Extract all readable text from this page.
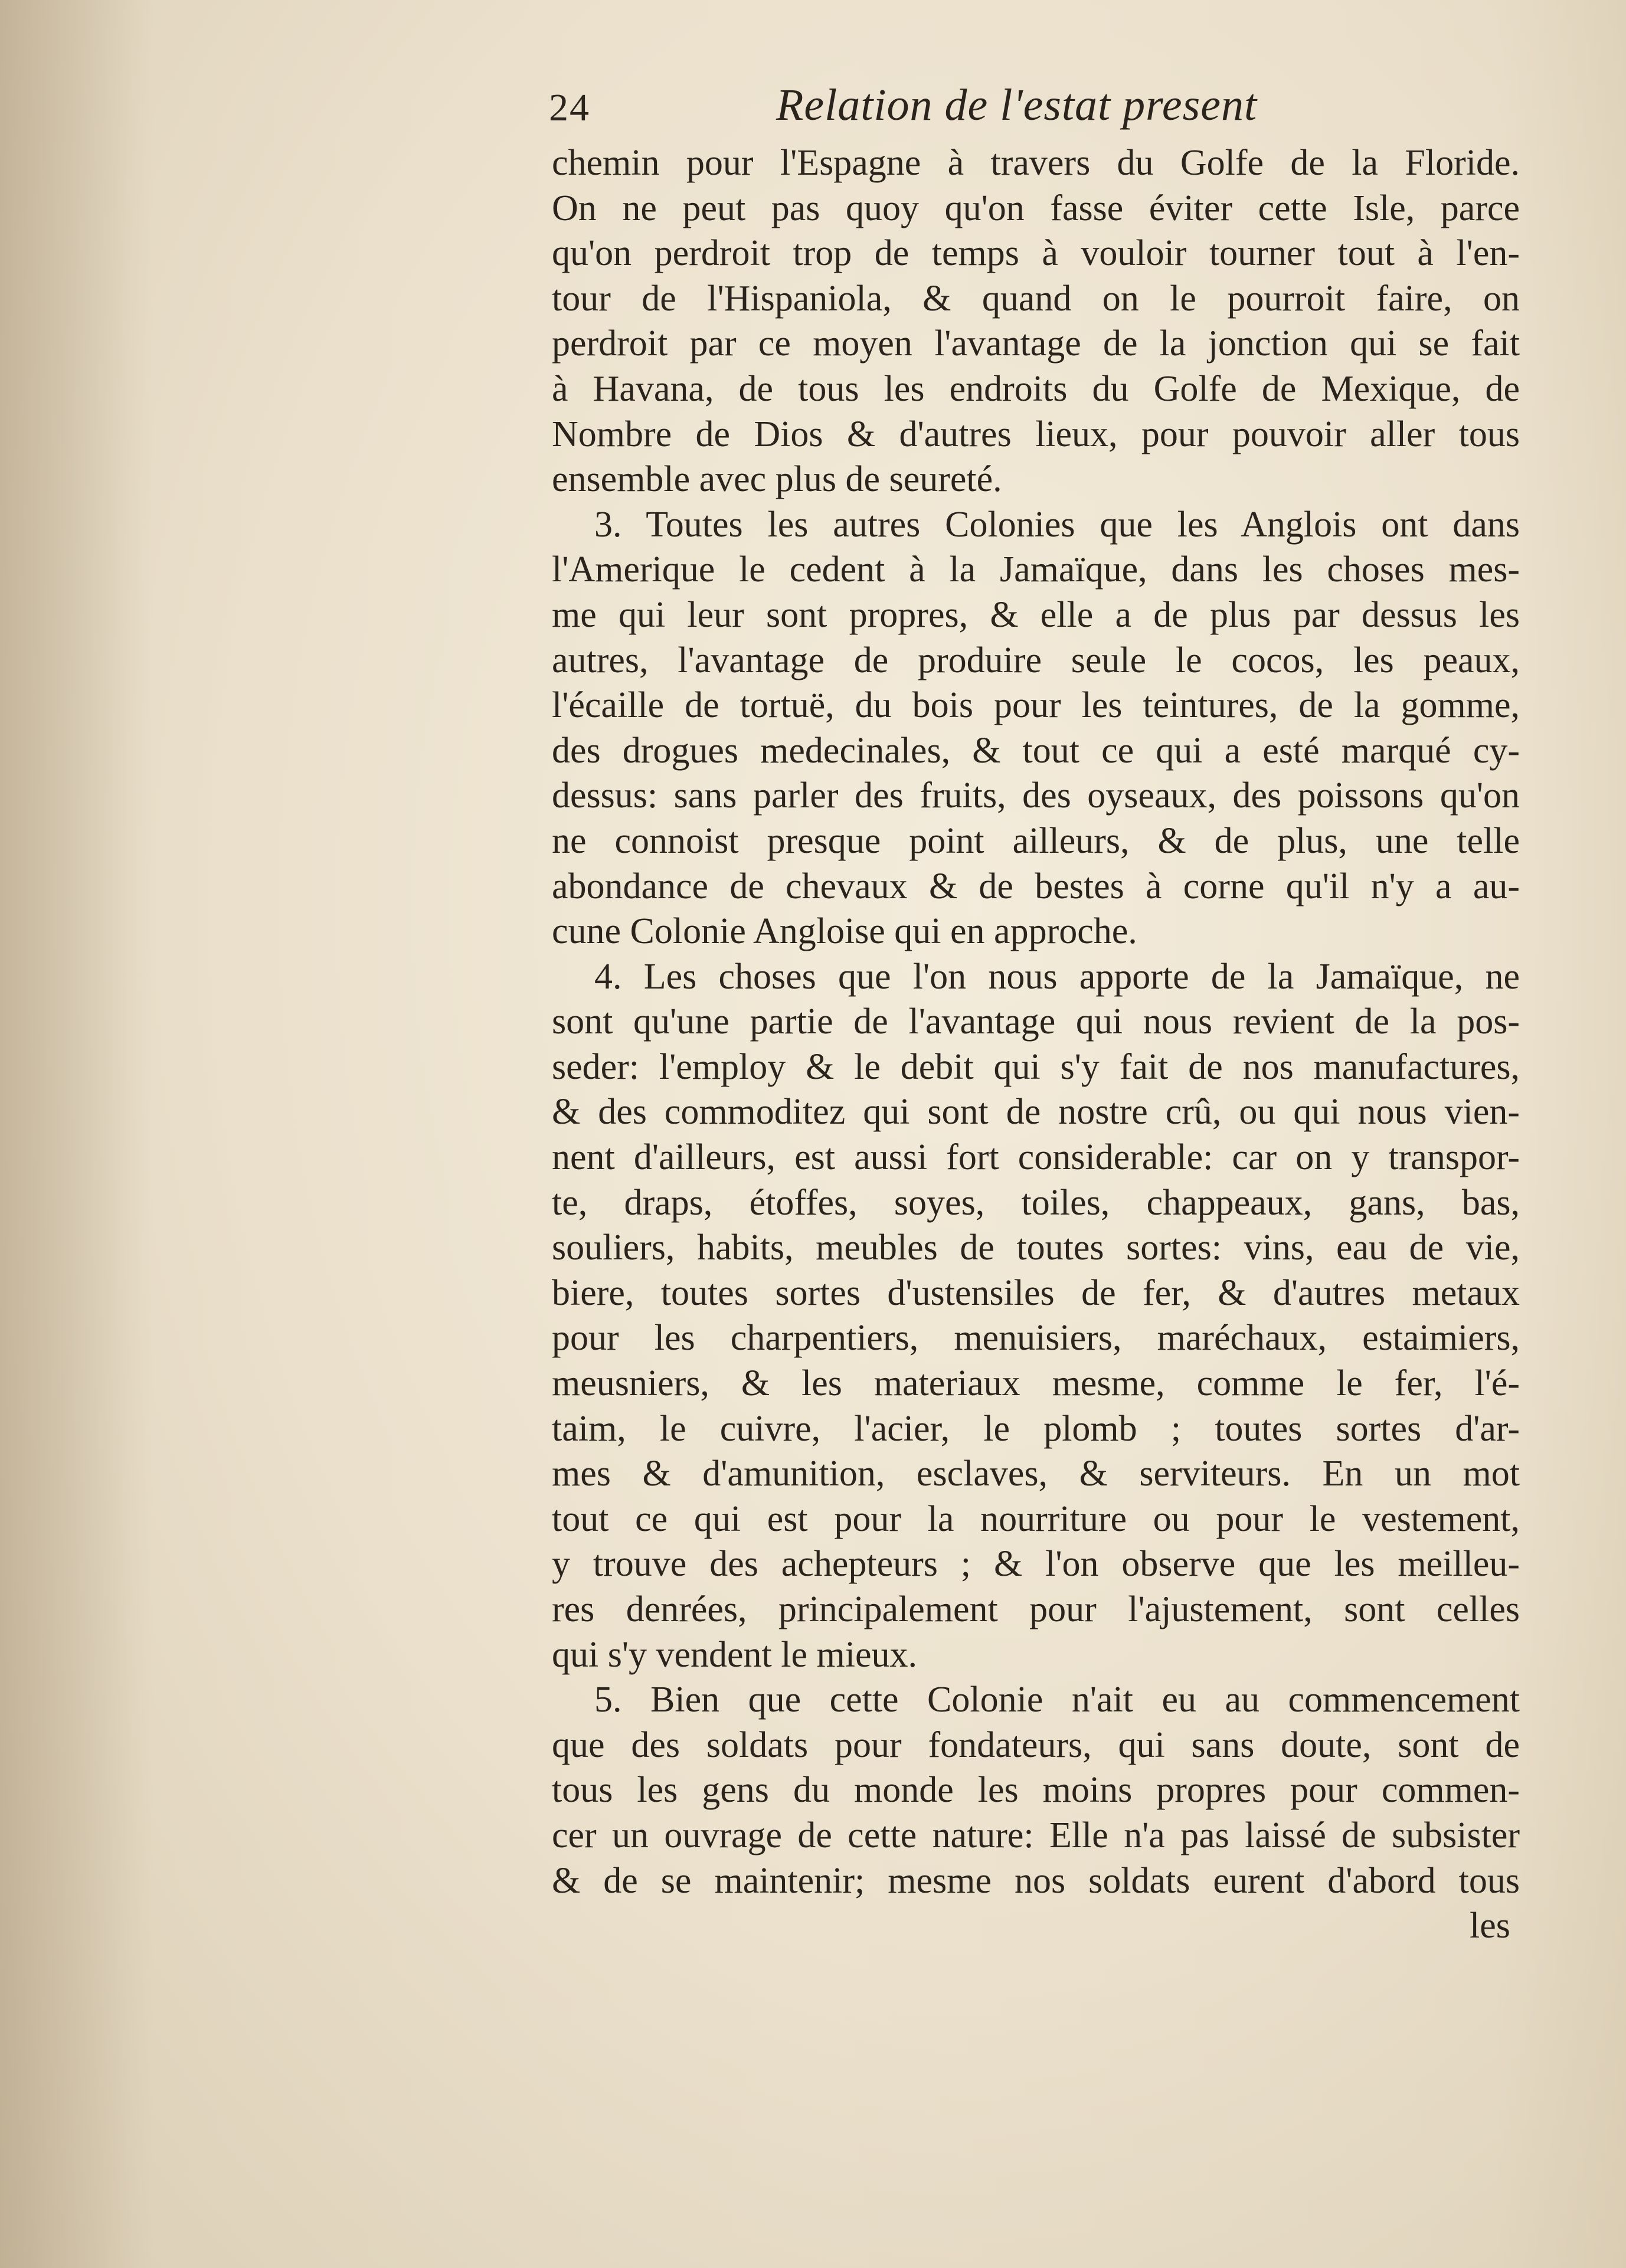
24	Relation de l'estat present
chemin pour l'Espagne à travers du Golfe de la Floride.
On ne peut pas quoy qu'on fasse éviter cette Isle, parce
qu'on perdroit trop de temps à vouloir tourner tout à l'en-
tour de l'Hispaniola, & quand on le pourroit faire, on
perdroit par ce moyen l'avantage de la jonction qui se fait
à Havana, de tous les endroits du Golfe de Mexique, de
Nombre de Dios & d'autres lieux, pour pouvoir aller tous
ensemble avec plus de seureté.
3. Toutes les autres Colonies que les Anglois ont dans
l'Amerique le cedent à la Jamaïque, dans les choses mes-
me qui leur sont propres, & elle a de plus par dessus les
autres, l'avantage de produire seule le cocos, les peaux,
l'écaille de tortuë, du bois pour les teintures, de la gomme,
des drogues medecinales, & tout ce qui a esté marqué cy-
dessus: sans parler des fruits, des oyseaux, des poissons qu'on
ne connoist presque point ailleurs, & de plus, une telle
abondance de chevaux & de bestes à corne qu'il n'y a au-
cune Colonie Angloise qui en approche.
4. Les choses que l'on nous apporte de la Jamaïque, ne
sont qu'une partie de l'avantage qui nous revient de la pos-
seder: l'employ & le debit qui s'y fait de nos manufactures,
& des commoditez qui sont de nostre crû, ou qui nous vien-
nent d'ailleurs, est aussi fort considerable: car on y transpor-
te, draps, étoffes, soyes, toiles, chappeaux, gans, bas,
souliers, habits, meubles de toutes sortes: vins, eau de vie,
biere, toutes sortes d'ustensiles de fer, & d'autres metaux
pour les charpentiers, menuisiers, maréchaux, estaimiers,
meusniers, & les materiaux mesme, comme le fer, l'é-
taim, le cuivre, l'acier, le plomb ; toutes sortes d'ar-
mes & d'amunition, esclaves, & serviteurs. En un mot
tout ce qui est pour la nourriture ou pour le vestement,
y trouve des achepteurs ; & l'on observe que les meilleu-
res denrées, principalement pour l'ajustement, sont celles
qui s'y vendent le mieux.
5. Bien que cette Colonie n'ait eu au commencement
que des soldats pour fondateurs, qui sans doute, sont de
tous les gens du monde les moins propres pour commen-
cer un ouvrage de cette nature: Elle n'a pas laissé de subsister
& de se maintenir; mesme nos soldats eurent d'abord tous
les
